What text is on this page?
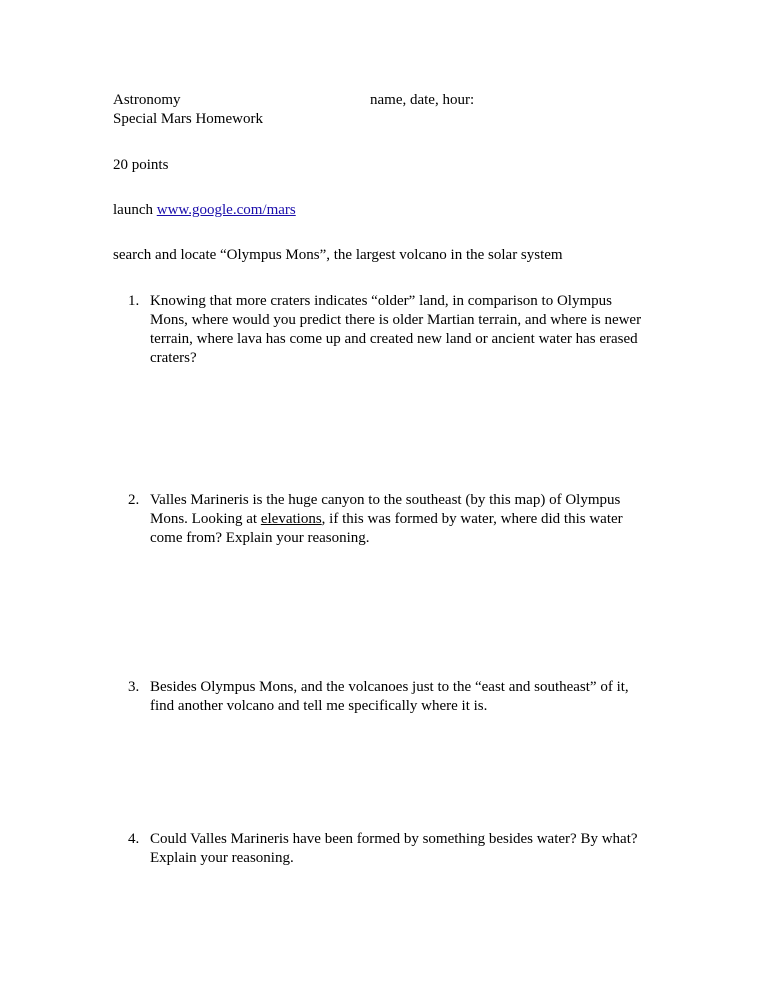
Astronomy
Special Mars Homework
name, date, hour:
20 points
launch www.google.com/mars
search and locate “Olympus Mons”, the largest volcano in the solar system
1. Knowing that more craters indicates “older” land, in comparison to Olympus Mons, where would you predict there is older Martian terrain, and where is newer terrain, where lava has come up and created new land or ancient water has erased craters?
2. Valles Marineris is the huge canyon to the southeast (by this map) of Olympus Mons. Looking at elevations, if this was formed by water, where did this water come from? Explain your reasoning.
3. Besides Olympus Mons, and the volcanoes just to the “east and southeast” of it, find another volcano and tell me specifically where it is.
4. Could Valles Marineris have been formed by something besides water? By what? Explain your reasoning.
